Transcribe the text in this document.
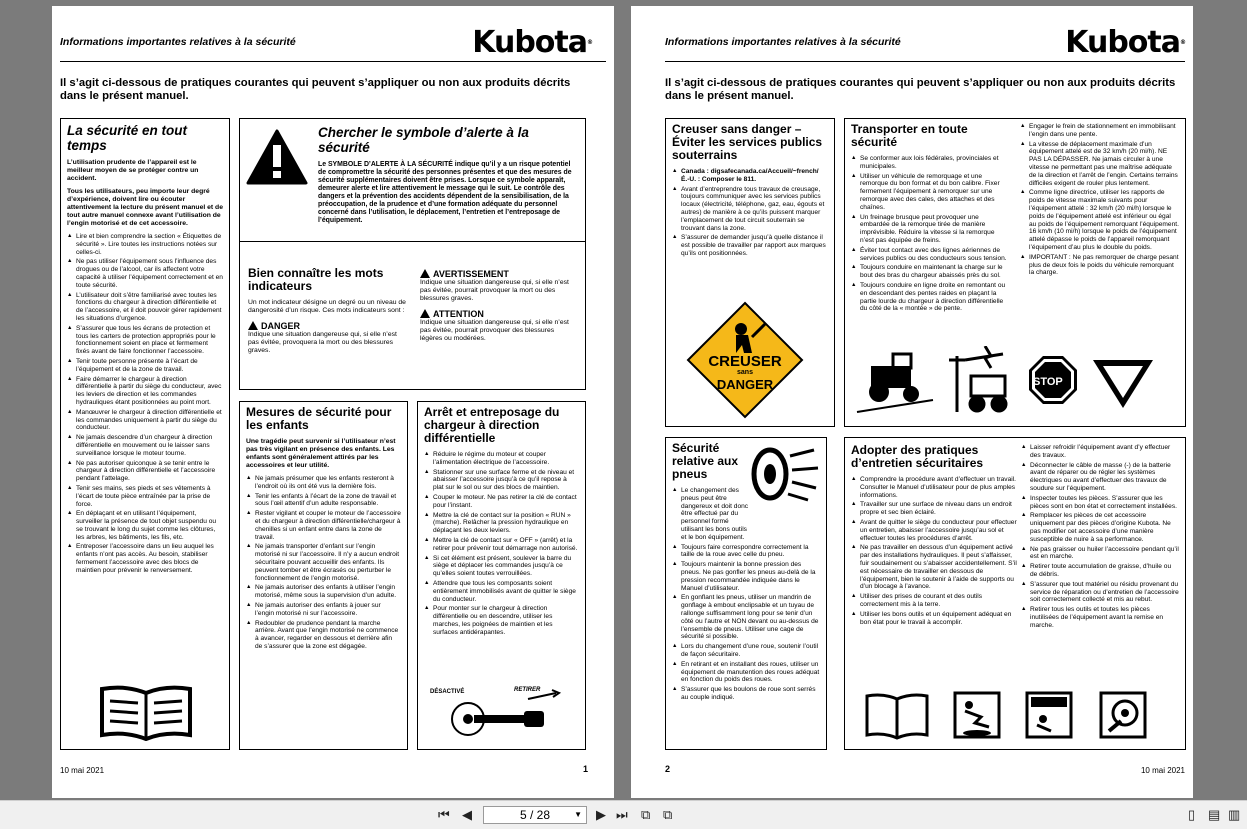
Informations importantes relatives à la sécurité	Kubota®
Il s’agit ci-dessous de pratiques courantes qui peuvent s’appliquer ou non aux produits décrits dans le présent manuel.
La sécurité en tout temps
L’utilisation prudente de l’appareil est le meilleur moyen de se protéger contre un accident.
Tous les utilisateurs, peu importe leur degré d’expérience, doivent lire ou écouter attentivement la lecture du présent manuel et de tout autre manuel connexe avant l’utilisation de l’engin motorisé et de cet accessoire.
▲ Lire et bien comprendre la section « Étiquettes de sécurité ». Lire toutes les instructions notées sur celles-ci.
▲ Ne pas utiliser l’équipement sous l’influence des drogues ou de l’alcool, car ils affectent votre capacité à utiliser l’équipement correctement et en toute sécurité.
▲ L’utilisateur doit s’être familiarisé avec toutes les fonctions du chargeur à direction différentielle et de l’accessoire, et il doit pouvoir gérer rapidement les situations d’urgence.
▲ S’assurer que tous les écrans de protection et tous les carters de protection appropriés pour le fonctionnement soient en place et fermement fixés avant de faire fonctionner l’accessoire.
▲ Tenir toute personne présente à l’écart de l’équipement et de la zone de travail.
▲ Faire démarrer le chargeur à direction différentielle à partir du siège du conducteur, avec les leviers de direction et les commandes hydrauliques étant positionnées au point mort.
▲ Manœuvrer le chargeur à direction différentielle et les commandes uniquement à partir du siège du conducteur.
▲ Ne jamais descendre d’un chargeur à direction différentielle en mouvement ou le laisser sans surveillance lorsque le moteur tourne.
▲ Ne pas autoriser quiconque à se tenir entre le chargeur à direction différentielle et l’accessoire pendant l’attelage.
▲ Tenir ses mains, ses pieds et ses vêtements à l’écart de toute pièce entraînée par la prise de force.
▲ En déplaçant et en utilisant l’équipement, surveiller la présence de tout objet suspendu ou se trouvant le long du sujet comme les clôtures, les arbres, les bâtiments, les fils, etc.
▲ Entreposer l’accessoire dans un lieu auquel les enfants n’ont pas accès. Au besoin, stabiliser fermement l’accessoire avec des blocs de maintien pour prévenir le renversement.
Chercher le symbole d’alerte à la sécurité
Le SYMBOLE D’ALERTE À LA SÉCURITÉ indique qu’il y a un risque potentiel de compromettre la sécurité des personnes présentes et que des mesures de sécurité supplémentaires doivent être prises. Lorsque ce symbole apparaît, demeurer alerte et lire attentivement le message qui le suit. Le contrôle des dangers et la prévention des accidents dépendent de la sensibilisation, de la préoccupation, de la prudence et d’une formation adéquate du personnel concerné dans l’utilisation, le déplacement, l’entretien et l’entreposage de l’équipement.
Bien connaître les mots indicateurs
Un mot indicateur désigne un degré ou un niveau de dangerosité d’un risque. Ces mots indicateurs sont :
DANGER
Indique une situation dangereuse qui, si elle n’est pas évitée, provoquera la mort ou des blessures graves.
AVERTISSEMENT
Indique une situation dangereuse qui, si elle n’est pas évitée, pourrait provoquer la mort ou des blessures graves.
ATTENTION
Indique une situation dangereuse qui, si elle n’est pas évitée, pourrait provoquer des blessures légères ou modérées.
Mesures de sécurité pour les enfants
Une tragédie peut survenir si l’utilisateur n’est pas très vigilant en présence des enfants. Les enfants sont généralement attirés par les accessoires et leur utilité.
▲ Ne jamais présumer que les enfants resteront à l’endroit où ils ont été vus la dernière fois.
▲ Tenir les enfants à l’écart de la zone de travail et sous l’œil attentif d’un adulte responsable.
▲ Rester vigilant et couper le moteur de l’accessoire et du chargeur à direction différentielle/chargeur à chenilles si un enfant entre dans la zone de travail.
▲ Ne jamais transporter d’enfant sur l’engin motorisé ni sur l’accessoire. Il n’y a aucun endroit sécuritaire pouvant accueillir des enfants. Ils peuvent tomber et être écrasés ou perturber le fonctionnement de l’engin motorisé.
▲ Ne jamais autoriser des enfants à utiliser l’engin motorisé, même sous la supervision d’un adulte.
▲ Ne jamais autoriser des enfants à jouer sur l’engin motorisé ni sur l’accessoire.
▲ Redoubler de prudence pendant la marche arrière. Avant que l’engin motorisé ne commence à avancer, regarder en dessous et derrière afin de s’assurer que la zone est dégagée.
Arrêt et entreposage du chargeur à direction différentielle
▲ Réduire le régime du moteur et couper l’alimentation électrique de l’accessoire.
▲ Stationner sur une surface ferme et de niveau et abaisser l’accessoire jusqu’à ce qu’il repose à plat sur le sol ou sur des blocs de maintien.
▲ Couper le moteur. Ne pas retirer la clé de contact pour l’instant.
▲ Mettre la clé de contact sur la position « RUN » (marche). Relâcher la pression hydraulique en déplaçant les deux leviers.
▲ Mettre la clé de contact sur « OFF » (arrêt) et la retirer pour prévenir tout démarrage non autorisé.
▲ Si cet élément est présent, soulever la barre du siège et déplacer les commandes jusqu’à ce qu’elles soient toutes verrouillées.
▲ Attendre que tous les composants soient entièrement immobilisés avant de quitter le siège du conducteur.
▲ Pour monter sur le chargeur à direction différentielle ou en descendre, utiliser les marches, les poignées de maintien et les surfaces antidérapantes.
DÉSACTIVÉ	RETIRER
10 mai 2021	1
Informations importantes relatives à la sécurité	Kubota®
Il s’agit ci-dessous de pratiques courantes qui peuvent s’appliquer ou non aux produits décrits dans le présent manuel.
Creuser sans danger – Éviter les services publics souterrains
▲ Canada : digsafecanada.ca/Accueil/~french/ É.-U. : Composer le 811.
▲ Avant d’entreprendre tous travaux de creusage, toujours communiquer avec les services publics locaux (électricité, téléphone, gaz, eau, égouts et autres) de manière à ce qu’ils puissent marquer l’emplacement de tout circuit souterrain se trouvant dans la zone.
▲ S’assurer de demander jusqu’à quelle distance il est possible de travailler par rapport aux marques qu’ils ont positionnées.
CREUSER
sans
DANGER
Transporter en toute sécurité
▲ Se conformer aux lois fédérales, provinciales et municipales.
▲ Utiliser un véhicule de remorquage et une remorque du bon format et du bon calibre. Fixer fermement l’équipement à remorquer sur une remorque avec des cales, des attaches et des chaînes.
▲ Un freinage brusque peut provoquer une embardée de la remorque tirée de manière imprévisible. Réduire la vitesse si la remorque n’est pas équipée de freins.
▲ Éviter tout contact avec des lignes aériennes de services publics ou des conducteurs sous tension.
▲ Toujours conduire en maintenant la charge sur le bout des bras du chargeur abaissés près du sol.
▲ Toujours conduire en ligne droite en remontant ou en descendant des pentes raides en plaçant la partie lourde du chargeur à direction différentielle du côté de la « montée » de pente.
▲ Engager le frein de stationnement en immobilisant l’engin dans une pente.
▲ La vitesse de déplacement maximale d’un équipement attelé est de 32 km/h (20 mi/h). NE PAS LA DÉPASSER. Ne jamais circuler à une vitesse ne permettant pas une maîtrise adéquate de la direction et l’arrêt de l’engin. Certains terrains difficiles exigent de rouler plus lentement.
▲ Comme ligne directrice, utiliser les rapports de poids de vitesse maximale suivants pour l’équipement attelé : 32 km/h (20 mi/h) lorsque le poids de l’équipement attelé est inférieur ou égal au poids de l’équipement remorquant l’équipement. 16 km/h (10 mi/h) lorsque le poids de l’équipement attelé dépasse le poids de l’appareil remorquant l’équipement d’au plus le double du poids.
▲ IMPORTANT : Ne pas remorquer de charge pesant plus de deux fois le poids du véhicule remorquant la charge.
STOP
Sécurité relative aux pneus
▲ Le changement des pneus peut être dangereux et doit donc être effectué par du personnel formé utilisant les bons outils et le bon équipement.
▲ Toujours faire correspondre correctement la taille de la roue avec celle du pneu.
▲ Toujours maintenir la bonne pression des pneus. Ne pas gonfler les pneus au-delà de la pression recommandée indiquée dans le Manuel d’utilisateur.
▲ En gonflant les pneus, utiliser un mandrin de gonflage à embout enclipsable et un tuyau de rallonge suffisamment long pour se tenir d’un côté ou l’autre et NON devant ou au-dessus de l’ensemble de pneus. Utiliser une cage de sécurité si possible.
▲ Lors du changement d’une roue, soutenir l’outil de façon sécuritaire.
▲ En retirant et en installant des roues, utiliser un équipement de manutention des roues adéquat en fonction du poids des roues.
▲ S’assurer que les boulons de roue sont serrés au couple indiqué.
Adopter des pratiques d’entretien sécuritaires
▲ Comprendre la procédure avant d’effectuer un travail. Consulter le Manuel d’utilisateur pour de plus amples informations.
▲ Travailler sur une surface de niveau dans un endroit propre et sec bien éclairé.
▲ Avant de quitter le siège du conducteur pour effectuer un entretien, abaisser l’accessoire jusqu’au sol et effectuer toutes les procédures d’arrêt.
▲ Ne pas travailler en dessous d’un équipement activé par des installations hydrauliques. Il peut s’affaisser, fuir soudainement ou s’abaisser accidentellement. S’il est nécessaire de travailler en dessous de l’équipement, bien le soutenir à l’aide de supports ou d’un blocage à l’avance.
▲ Utiliser des prises de courant et des outils correctement mis à la terre.
▲ Utiliser les bons outils et un équipement adéquat en bon état pour le travail à accomplir.
▲ Laisser refroidir l’équipement avant d’y effectuer des travaux.
▲ Déconnecter le câble de masse (-) de la batterie avant de réparer ou de régler les systèmes électriques ou avant d’effectuer des travaux de soudure sur l’équipement.
▲ Inspecter toutes les pièces. S’assurer que les pièces sont en bon état et correctement installées.
▲ Remplacer les pièces de cet accessoire uniquement par des pièces d’origine Kubota. Ne pas modifier cet accessoire d’une manière susceptible de nuire à sa performance.
▲ Ne pas graisser ou huiler l’accessoire pendant qu’il est en marche.
▲ Retirer toute accumulation de graisse, d’huile ou de débris.
▲ S’assurer que tout matériel ou résidu provenant du service de réparation ou d’entretien de l’accessoire soit correctement collecté et mis au rebut.
▲ Retirer tous les outils et toutes les pièces inutilisées de l’équipement avant la remise en marche.
10 mai 2021
2
⏮ ◀	5 / 28	▼ ▶ ⏭ ⧉ ⧉	▯ ▤ ▥
